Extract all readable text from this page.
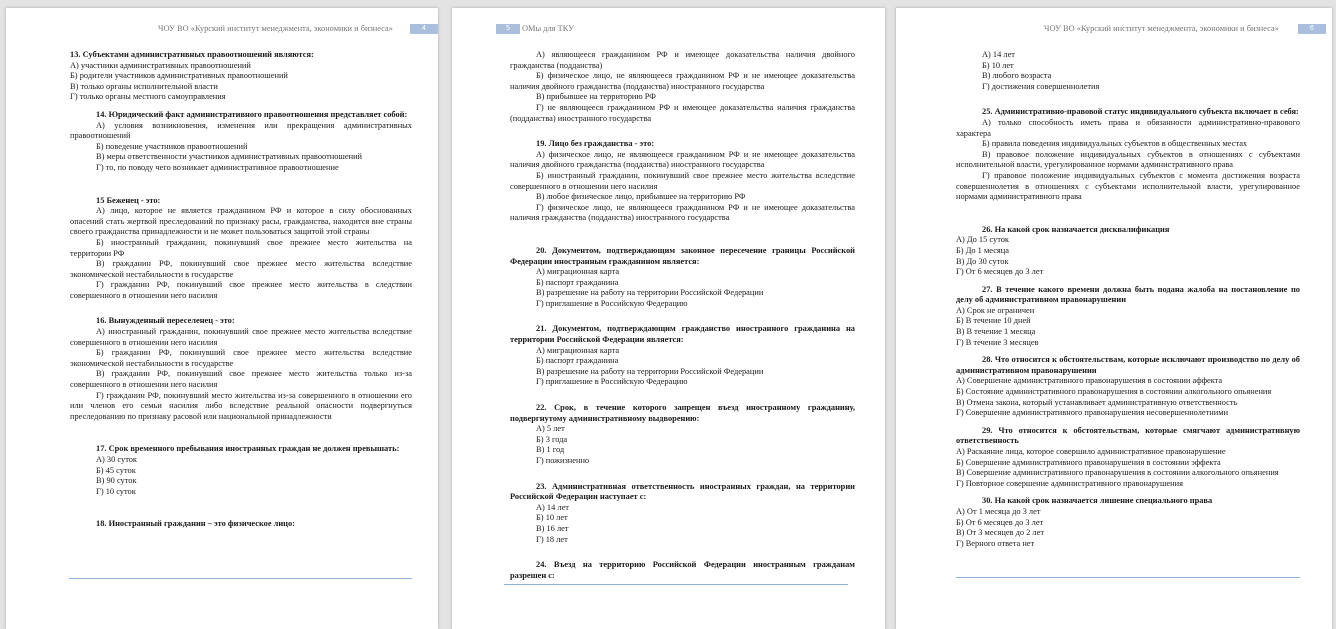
ЧОУ ВО «Курский институт менеджмента, экономики и бизнеса»	4

13. Субъектами административных правоотношений являются:

А) участники административных правоотношений

Б) родители участников административных правоотношений

В) только органы исполнительной власти

Г) только органы местного самоуправления

14. Юридический факт административного правоотношения представляет собой:

А) условия возникновения, изменения или прекращения административных правоотношений

Б) поведение участников правоотношений

В) меры ответственности участников административных правоотношений

Г) то, по поводу чего возникает административное правоотношение

15 Беженец - это:

А) лицо, которое не является гражданином РФ и которое в силу обоснованных опасений стать жертвой преследований по признаку расы, гражданства, находится вне страны своего гражданства принадлежности и не может пользоваться защитой этой страны

Б) иностранный гражданин, покинувший свое прежнее место жительства на территории РФ

В) гражданин РФ, покинувший свое прежнее место жительства вследствие экономической нестабильности в государстве

Г) гражданин РФ, покинувший свое прежнее место жительства в следствии совершенного в отношении него насилия

16. Вынужденный переселенец - это:

А) иностранный гражданин, покинувший свое прежнее место жительства вследствие совершенного в отношении него насилия

Б) гражданин РФ, покинувший свое прежнее место жительства вследствие экономической нестабильности в государстве

В) гражданин РФ, покинувший свое прежнее место жительства только из-за совершенного в отношении него насилия

Г) гражданин РФ, покинувший место жительства из-за совершенного в отношении его или членов его семьи насилия либо вследствие реальной опасности подвергнуться преследованию по признаку расовой или национальной принадлежности

17. Срок временного пребывания иностранных граждан не должен превышать:

А) 30 суток

Б) 45 суток

В) 90 суток

Г) 10 суток

18. Иностранный гражданин – это физическое лицо:

5	ОМы для ТКУ

А) являющееся гражданином РФ и имеющее доказательства наличия двойного гражданства (подданства)

Б) физическое лицо, не являющееся гражданином РФ и не имеющее доказательства наличия двойного гражданства (подданства) иностранного государства

В) прибывшее на территорию РФ

Г) не являющееся гражданином РФ и имеющее доказательства наличия гражданства (подданства) иностранного государства

19. Лицо без гражданства - это:

А) физическое лицо, не являющееся гражданином РФ и не имеющее доказательства наличия двойного гражданства (подданства) иностранного государства

Б) иностранный гражданин, покинувший свое прежнее место жительства вследствие совершенного в отношении него насилия

В) любое физическое лицо, прибывшее на территорию РФ

Г) физическое лицо, не являющееся гражданином РФ и не имеющее доказательства наличия гражданства (подданства) иностранного государства

20. Документом, подтверждающим законное пересечение границы Российской Федерации иностранным гражданином является:

А) миграционная карта

Б) паспорт гражданина

В) разрешение на работу на территории Российской Федерации

Г) приглашение в Российскую Федерацию

21. Документом, подтверждающим гражданство иностранного гражданина на территории Российской Федерации является:

А) миграционная карта

Б) паспорт гражданина

В) разрешение на работу на территории Российской Федерации

Г) приглашение в Российскую Федерацию

22. Срок, в течение которого запрещен въезд иностранному гражданину, подвергнутому административному выдворению:

А) 5 лет

Б) 3 года

В) 1 год

Г) пожизненно

23. Административная ответственность иностранных граждан, на территории Российской Федерации наступает с:

А) 14 лет

Б) 10 лет

В) 16 лет

Г) 18 лет

24. Въезд на территорию Российской Федерации иностранным гражданам разрешен с:

ЧОУ ВО «Курский институт менеджмента, экономики и бизнеса»	6

А) 14 лет

Б) 10 лет

В) любого возраста

Г) достижения совершеннолетия

25. Административно-правовой статус индивидуального субъекта включает в себя:

А) только способность иметь права и обязанности административно-правового характера

Б) правила поведения индивидуальных субъектов в общественных местах

В) правовое положение индивидуальных субъектов в отношениях с субъектами исполнительной власти, урегулированное нормами административного права

Г) правовое положение индивидуальных субъектов с момента достижения возраста совершеннолетия в отношениях с субъектами исполнительной власти, урегулированное нормами административного права

26. На какой срок назначается дисквалификация

А) До 15 суток

Б) До 1 месяца

В) До 30 суток

Г) От 6 месяцев до 3 лет

27. В течение какого времени должна быть подана жалоба на постановление по делу об административном правонарушении

А) Срок не ограничен

Б) В течение 10 дней

В) В течение 1 месяца

Г) В течение 3 месяцев

28. Что относится к обстоятельствам, которые исключают производство по делу об административном правонарушении

А) Совершение административного правонарушения в состоянии аффекта

Б) Состояние административного правонарушения в состоянии алкогольного опьянения

В) Отмена закона, который устанавливает административную ответственность

Г) Совершение административного правонарушения несовершеннолетними

29. Что относится к обстоятельствам, которые смягчают административную ответственность

А) Раскаяние лица, которое совершило административное правонарушение

Б) Совершение административного правонарушения в состоянии эффекта

В) Совершение административного правонарушения в состоянии алкогольного опьянения

Г) Повторное совершение административного правонарушения

30. На какой срок назначается лишение специального права

А) От 1 месяца до 3 лет

Б) От 6 месяцев до 3 лет

В) От 3 месяцев до 2 лет

Г) Верного ответа нет
